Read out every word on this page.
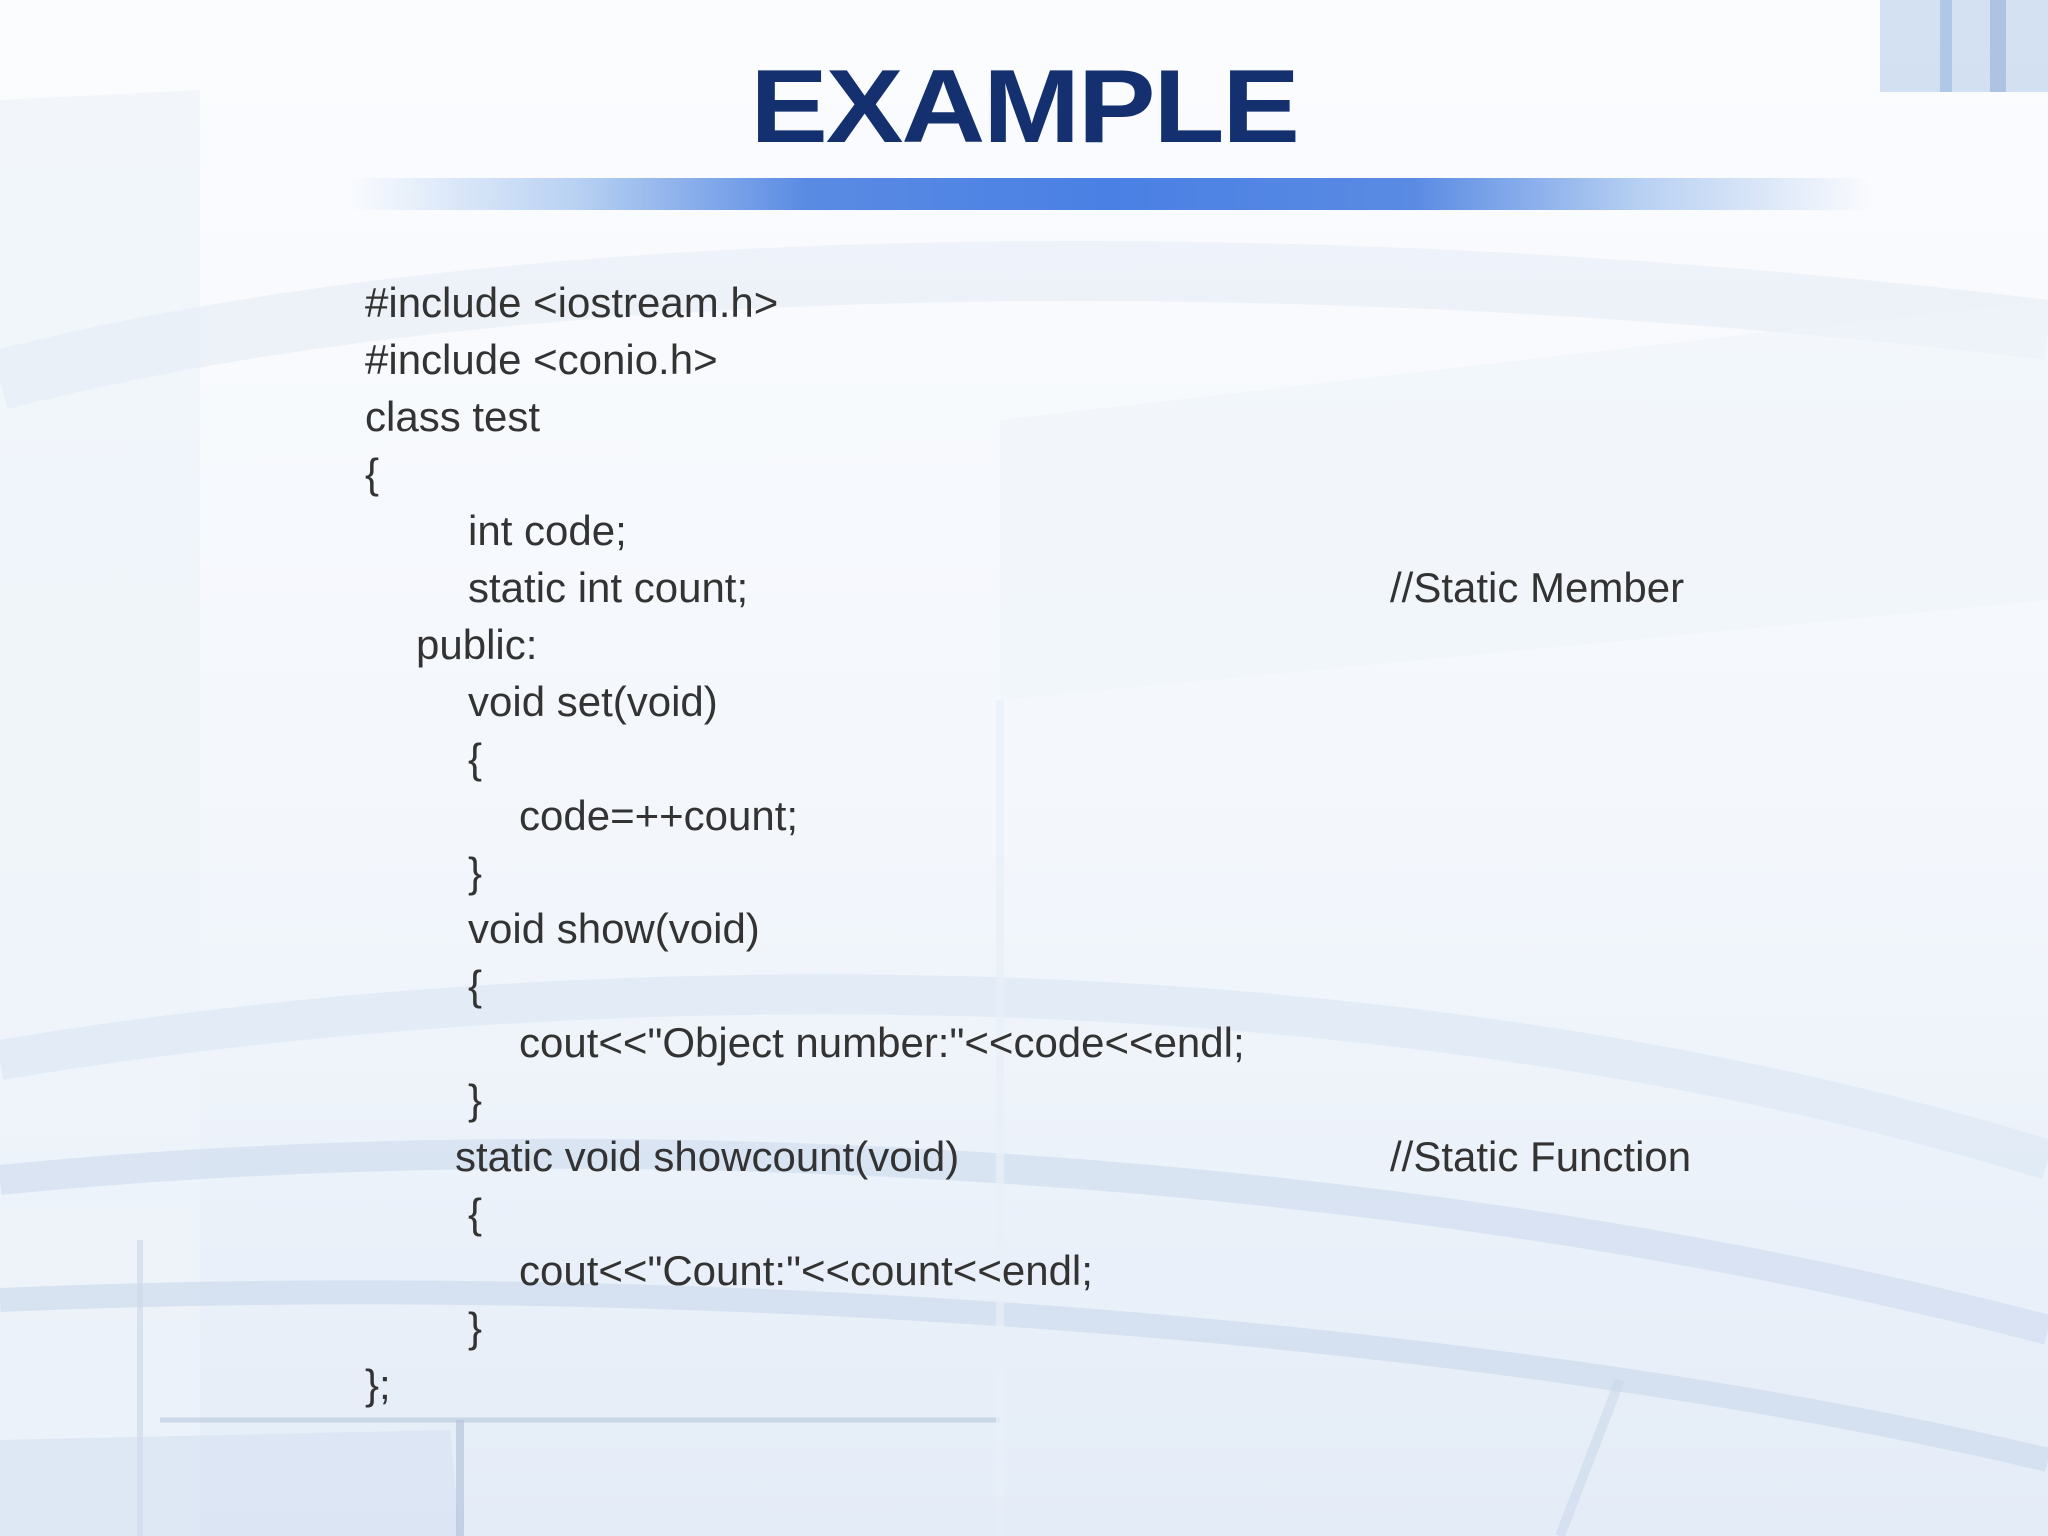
EXAMPLE
#include <iostream.h>
#include <conio.h>
class test
{
int code;
static int count;	//Static Member
public:
void set(void)
{
code=++count;
}
void show(void)
{
cout<<"Object number:"<<code<<endl;
}
static void showcount(void)	//Static Function
{
cout<<"Count:"<<count<<endl;
}
};
